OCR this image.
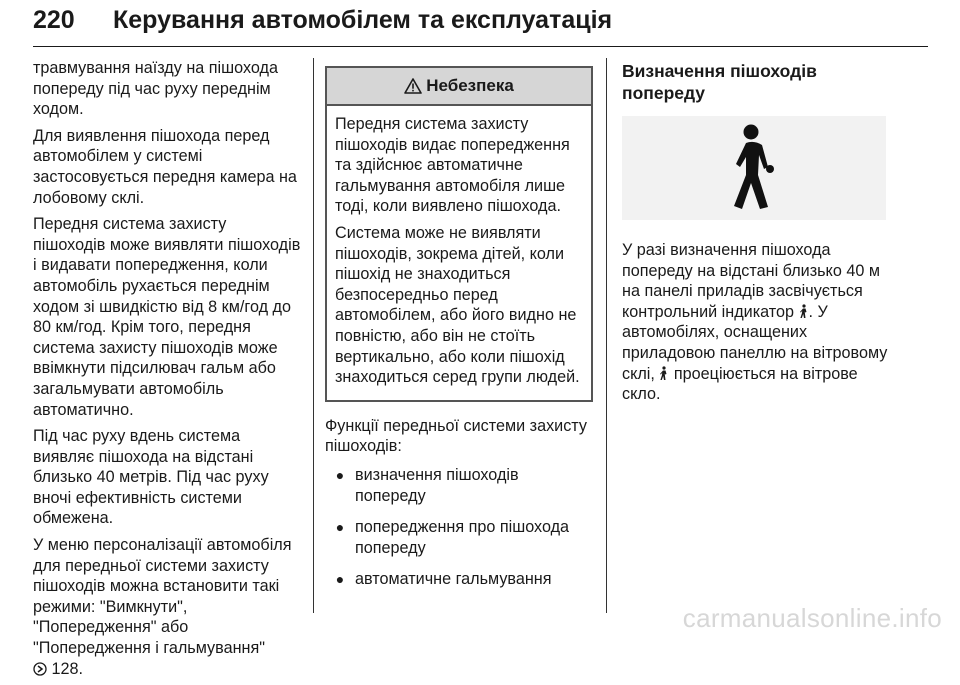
220	Керування автомобілем та експлуатація

травмування наїзду на пішохода попереду під час руху переднім ходом.

Для виявлення пішохода перед автомобілем у системі застосовується передня камера на лобовому склі.

Передня система захисту пішоходів може виявляти пішоходів і видавати попередження, коли автомобіль рухається переднім ходом зі швидкістю від 8 км/год до 80 км/год. Крім того, передня система захисту пішоходів може ввімкнути підсилювач гальм або загальмувати автомобіль автоматично.

Під час руху вдень система виявляє пішохода на відстані близько 40 метрів. Під час руху вночі ефективність системи обмежена.

У меню персоналізації автомобіля для передньої системи захисту пішоходів можна встановити такі режими: "Вимкнути", "Попередження" або "Попередження і гальмування"
128.

Небезпека

Передня система захисту пішоходів видає попередження та здійснює автоматичне гальмування автомобіля лише тоді, коли виявлено пішохода.

Система може не виявляти пішоходів, зокрема дітей, коли пішохід не знаходиться безпосередньо перед автомобілем, або його видно не повністю, або він не стоїть вертикально, або коли пішохід знаходиться серед групи людей.

Функції передньої системи захисту пішоходів:

● визначення пішоходів попереду
● попередження про пішохода попереду
● автоматичне гальмування
Визначення пішоходів попереду

У разі визначення пішохода попереду на відстані близько 40 м на панелі приладів засвічується контрольний індикатор . У автомобілях, оснащених приладовою панеллю на вітровому склі, проеціюється на вітрове скло.

carmanualsonline.info
